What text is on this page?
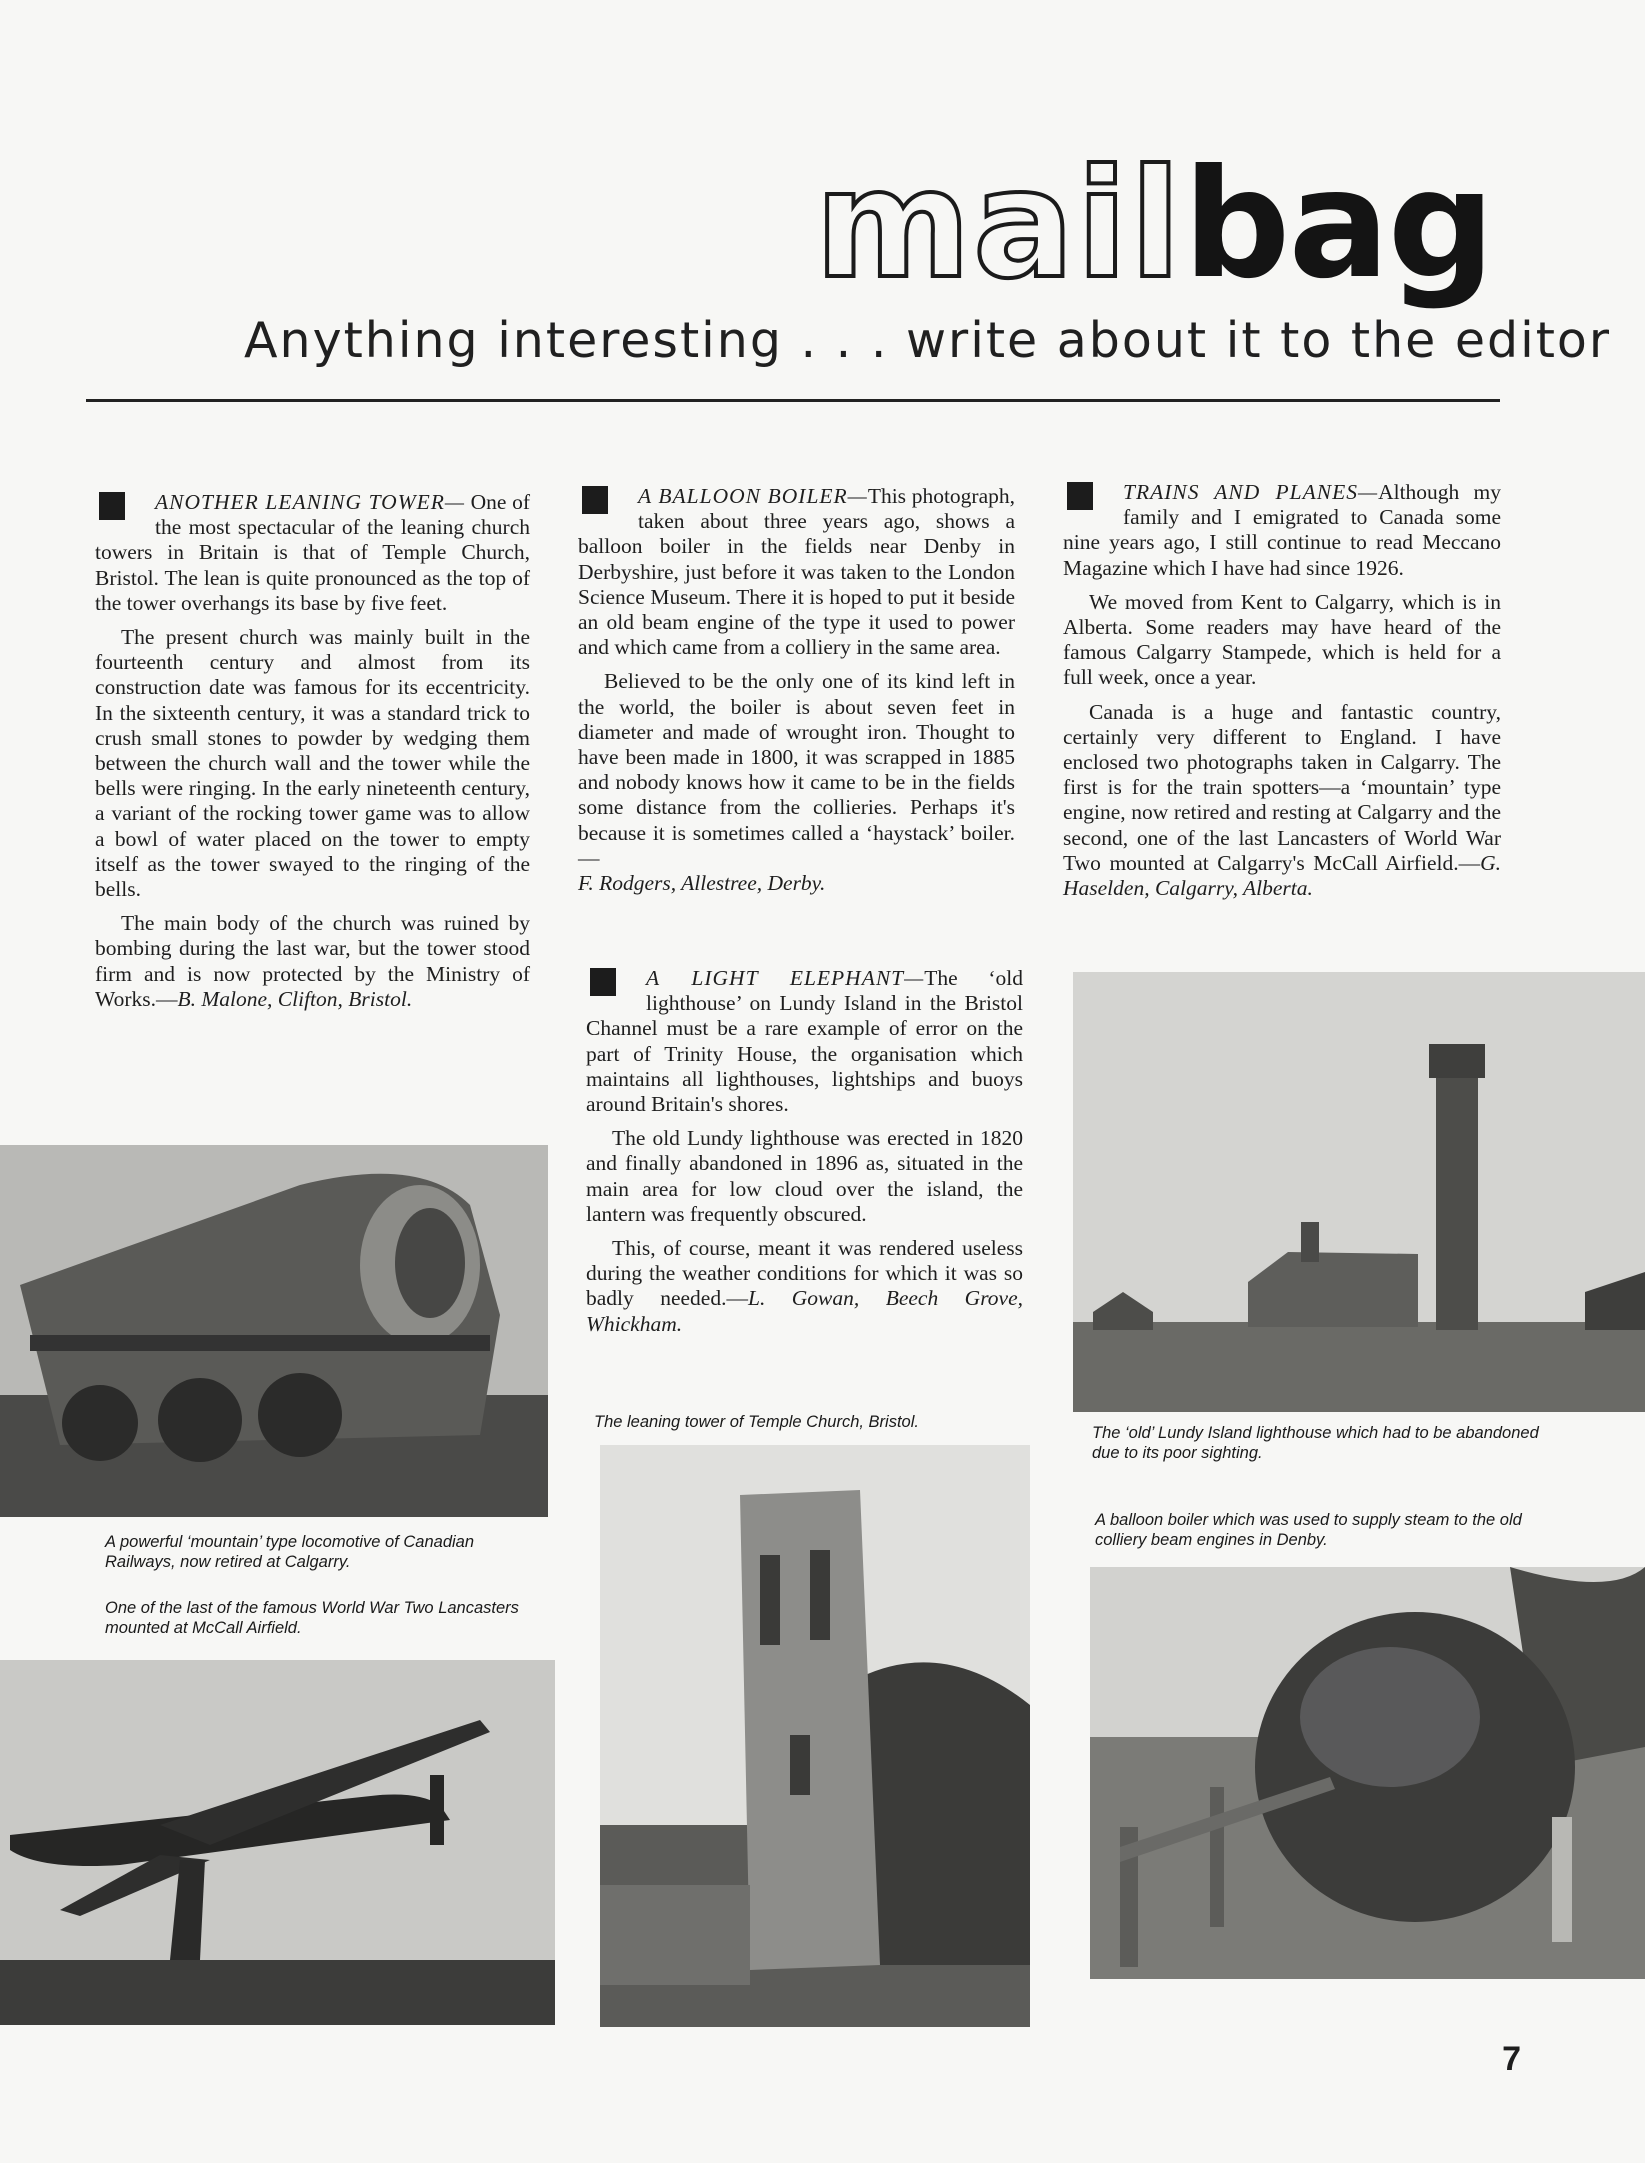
mail bag
Anything interesting . . . write about it to the editor

ANOTHER LEANING TOWER— One of the most spectacular of the leaning church towers in Britain is that of Temple Church, Bristol. The lean is quite pronounced as the top of the tower overhangs its base by five feet.

The present church was mainly built in the fourteenth century and almost from its construction date was famous for its eccentricity. In the sixteenth century, it was a standard trick to crush small stones to powder by wedging them between the church wall and the tower while the bells were ringing. In the early nineteenth century, a variant of the rocking tower game was to allow a bowl of water placed on the tower to empty itself as the tower swayed to the ringing of the bells.

The main body of the church was ruined by bombing during the last war, but the tower stood firm and is now protected by the Ministry of Works.—B. Malone, Clifton, Bristol.

A BALLOON BOILER—This photograph, taken about three years ago, shows a balloon boiler in the fields near Denby in Derbyshire, just before it was taken to the London Science Museum. There it is hoped to put it beside an old beam engine of the type it used to power and which came from a colliery in the same area.

Believed to be the only one of its kind left in the world, the boiler is about seven feet in diameter and made of wrought iron. Thought to have been made in 1800, it was scrapped in 1885 and nobody knows how it came to be in the fields some distance from the collieries. Perhaps it's because it is sometimes called a ‘haystack’ boiler.—
F. Rodgers, Allestree, Derby.

A LIGHT ELEPHANT—The ‘old lighthouse’ on Lundy Island in the Bristol Channel must be a rare example of error on the part of Trinity House, the organisation which maintains all lighthouses, lightships and buoys around Britain's shores.

The old Lundy lighthouse was erected in 1820 and finally abandoned in 1896 as, situated in the main area for low cloud over the island, the lantern was frequently obscured.

This, of course, meant it was rendered useless during the weather conditions for which it was so badly needed.—L. Gowan, Beech Grove, Whickham.

TRAINS AND PLANES—Although my family and I emigrated to Canada some nine years ago, I still continue to read Meccano Magazine which I have had since 1926.

We moved from Kent to Calgarry, which is in Alberta. Some readers may have heard of the famous Calgarry Stampede, which is held for a full week, once a year.

Canada is a huge and fantastic country, certainly very different to England. I have enclosed two photographs taken in Calgarry. The first is for the train spotters—a ‘mountain’ type engine, now retired and resting at Calgarry and the second, one of the last Lancasters of World War Two mounted at Calgarry's McCall Airfield.—G. Haselden, Calgarry, Alberta.

A powerful ‘mountain’ type locomotive of Canadian Railways, now retired at Calgarry.
One of the last of the famous World War Two Lancasters mounted at McCall Airfield.
The leaning tower of Temple Church, Bristol.
The ‘old’ Lundy Island lighthouse which had to be abandoned due to its poor sighting.
A balloon boiler which was used to supply steam to the old colliery beam engines in Denby.
7
